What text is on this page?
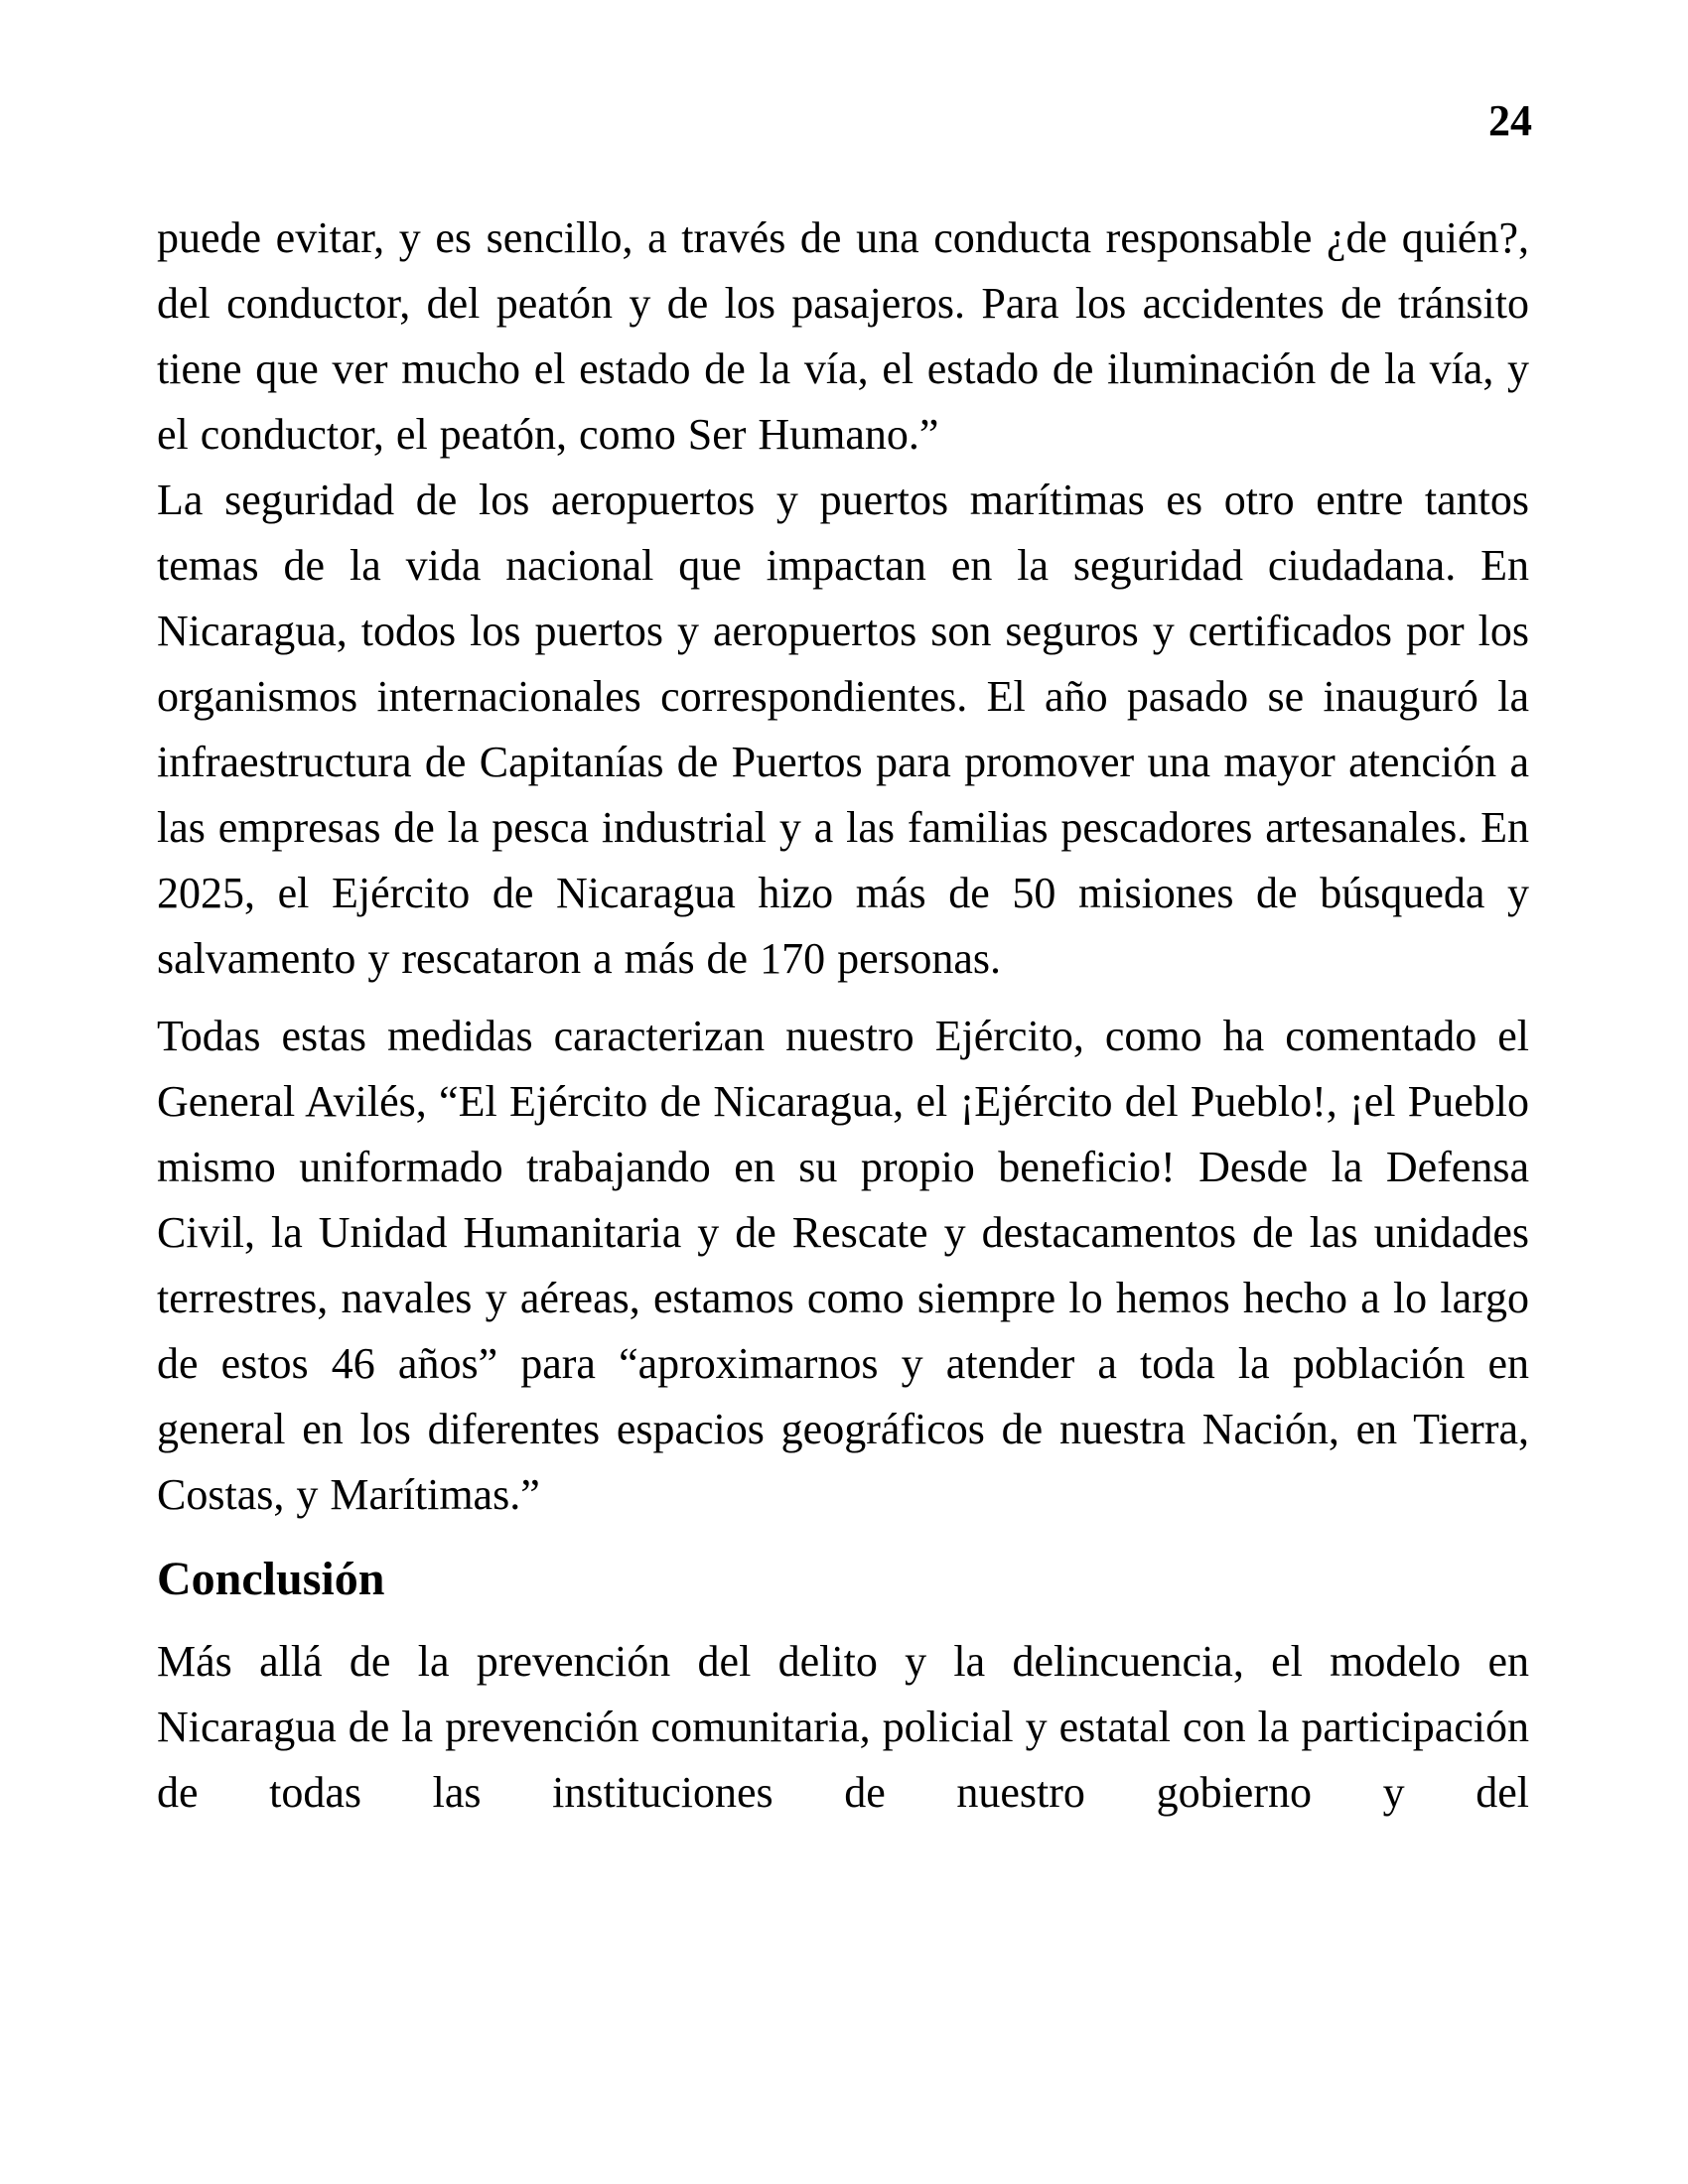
24

puede evitar, y es sencillo, a través de una conducta responsable ¿de quién?, del conductor, del peatón y de los pasajeros. Para los accidentes de tránsito tiene que ver mucho el estado de la vía, el estado de iluminación de la vía, y el conductor, el peatón, como Ser Humano.”

La seguridad de los aeropuertos y puertos marítimas es otro entre tantos temas de la vida nacional que impactan en la seguridad ciudadana. En Nicaragua, todos los puertos y aeropuertos son seguros y certificados por los organismos internacionales correspondientes. El año pasado se inauguró la infraestructura de Capitanías de Puertos para promover una mayor atención a las empresas de la pesca industrial y a las familias pescadores artesanales. En 2025, el Ejército de Nicaragua hizo más de 50 misiones de búsqueda y salvamento y rescataron a más de 170 personas.

Todas estas medidas caracterizan nuestro Ejército, como ha comentado el General Avilés, “El Ejército de Nicaragua, el ¡Ejército del Pueblo!, ¡el Pueblo mismo uniformado trabajando en su propio beneficio! Desde la Defensa Civil, la Unidad Humanitaria y de Rescate y destacamentos de las unidades terrestres, navales y aéreas, estamos como siempre lo hemos hecho a lo largo de estos 46 años” para “aproximarnos y atender a toda la población en general en los diferentes espacios geográficos de nuestra Nación, en Tierra, Costas, y Marítimas.”

Conclusión

Más allá de la prevención del delito y la delincuencia, el modelo en Nicaragua de la prevención comunitaria, policial y estatal con la participación de todas las instituciones de nuestro gobierno y del
